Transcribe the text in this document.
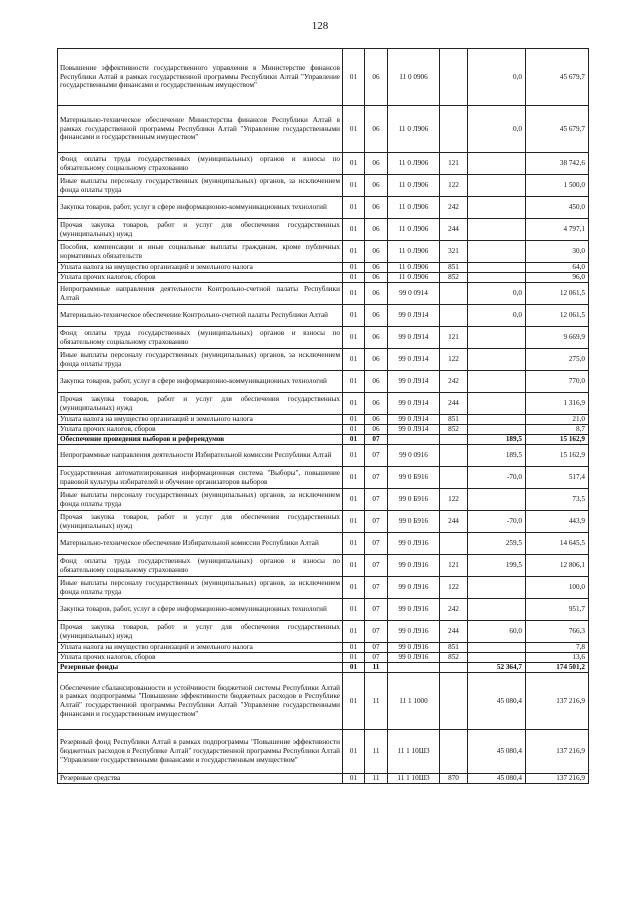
128
Повышение эффективности государственного управления в Министерстве финансов Республики Алтай в рамках государственной программы Республики Алтай "Управление государственными финансами и государственным имуществом"	01	06	11 0 0906		0,0	45 679,7
Материально-техническое обеспечение Министерства финансов Республики Алтай в рамках государственной программы Республики Алтай "Управление государственными финансами и государственным имуществом"	01	06	11 0 Л906		0,0	45 679,7
Фонд оплаты труда государственных (муниципальных) органов и взносы по обязательному социальному страхованию	01	06	11 0 Л906	121		38 742,6
Иные выплаты персоналу государственных (муниципальных) органов, за исключением фонда оплаты труда	01	06	11 0 Л906	122		1 500,0
Закупка товаров, работ, услуг в сфере информационно-коммуникационных технологий	01	06	11 0 Л906	242		450,0
Прочая закупка товаров, работ и услуг для обеспечения государственных (муниципальных) нужд	01	06	11 0 Л906	244		4 797,1
Пособия, компенсации и иные социальные выплаты гражданам, кроме публичных нормативных обязательств	01	06	11 0 Л906	321		30,0
Уплата налога на имущество организаций и земельного налога	01	06	11 0 Л906	851		64,0
Уплата прочих налогов, сборов	01	06	11 0 Л906	852		96,0
Непрограммные направления деятельности Контрольно-счетной палаты Республики Алтай	01	06	99 0 0914		0,0	12 061,5
Материально-техническое обеспечение Контрольно-счетной палаты Республики Алтай	01	06	99 0 Л914		0,0	12 061,5
Фонд оплаты труда государственных (муниципальных) органов и взносы по обязательному социальному страхованию	01	06	99 0 Л914	121		9 669,9
Иные выплаты персоналу государственных (муниципальных) органов, за исключением фонда оплаты труда	01	06	99 0 Л914	122		275,0
Закупка товаров, работ, услуг в сфере информационно-коммуникационных технологий	01	06	99 0 Л914	242		770,0
Прочая закупка товаров, работ и услуг для обеспечения государственных (муниципальных) нужд	01	06	99 0 Л914	244		1 316,9
Уплата налога на имущество организаций и земельного налога	01	06	99 0 Л914	851		21,0
Уплата прочих налогов, сборов	01	06	99 0 Л914	852		8,7
Обеспечение проведения выборов и референдумов	01	07			189,5	15 162,9
Непрограммные направления деятельности Избирательной комиссии Республики Алтай	01	07	99 0 0916		189,5	15 162,9
Государственная автоматизированная информационная система "Выборы", повышение правовой культуры избирателей и обучение организаторов выборов	01	07	99 0 Б916		-70,0	517,4
Иные выплаты персоналу государственных (муниципальных) органов, за исключением фонда оплаты труда	01	07	99 0 Б916	122		73,5
Прочая закупка товаров, работ и услуг для обеспечения государственных (муниципальных) нужд	01	07	99 0 Б916	244	-70,0	443,9
Материально-техническое обеспечение Избирательной комиссии Республики Алтай	01	07	99 0 Л916		259,5	14 645,5
Фонд оплаты труда государственных (муниципальных) органов и взносы по обязательному социальному страхованию	01	07	99 0 Л916	121	199,5	12 806,1
Иные выплаты персоналу государственных (муниципальных) органов, за исключением фонда оплаты труда	01	07	99 0 Л916	122		100,0
Закупка товаров, работ, услуг в сфере информационно-коммуникационных технологий	01	07	99 0 Л916	242		951,7
Прочая закупка товаров, работ и услуг для обеспечения государственных (муниципальных) нужд	01	07	99 0 Л916	244	60,0	766,3
Уплата налога на имущество организаций и земельного налога	01	07	99 0 Л916	851		7,8
Уплата прочих налогов, сборов	01	07	99 0 Л916	852		13,6
Резервные фонды	01	11			52 364,7	174 501,2
Обеспечение сбалансированности и устойчивости бюджетной системы Республики Алтай в рамках подпрограммы "Повышение эффективности бюджетных расходов в Республике Алтай" государственной программы Республики Алтай "Управление государственными финансами и государственным имуществом"	01	11	11 1 1000		45 080,4	137 216,9
Резервный фонд Республики Алтай в рамках подпрограммы "Повышение эффективности бюджетных расходов в Республике Алтай" государственной программы Республики Алтай "Управление государственными финансами и государственным имуществом"	01	11	11 1 10Ш3		45 080,4	137 216,9
Резервные средства	01	11	11 1 10Ш3	870	45 080,4	137 216,9
